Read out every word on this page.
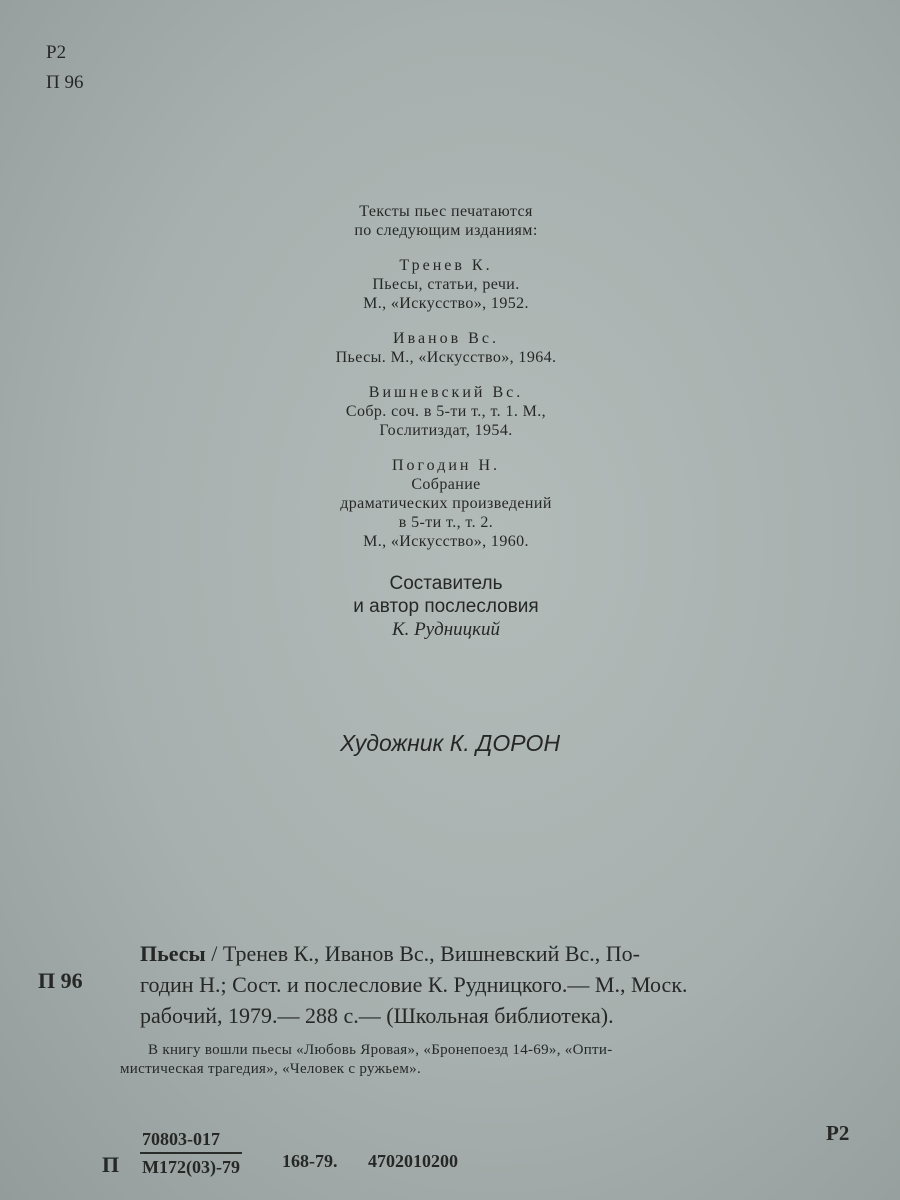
Р2
П 96
Тексты пьес печатаются
по следующим изданиям:
Тренев К.
Пьесы, статьи, речи.
М., «Искусство», 1952.
Иванов Вс.
Пьесы. М., «Искусство», 1964.
Вишневский Вс.
Собр. соч. в 5-ти т., т. 1. М.,
Гослитиздат, 1954.
Погодин Н.
Собрание
драматических произведений
в 5-ти т., т. 2.
М., «Искусство», 1960.
Составитель
и автор послесловия
К. Рудницкий
Художник К. ДОРОН
П 96
Пьесы / Тренев К., Иванов Вс., Вишневский Вс., По-
годин Н.; Сост. и послесловие К. Рудницкого.— М., Моск.
рабочий, 1979.— 288 с.— (Школьная библиотека).
В книгу вошли пьесы «Любовь Яровая», «Бронепоезд 14-69», «Опти-
мистическая трагедия», «Человек с ружьем».
П
70803-017
М172(03)-79 168-79. 4702010200
Р2
